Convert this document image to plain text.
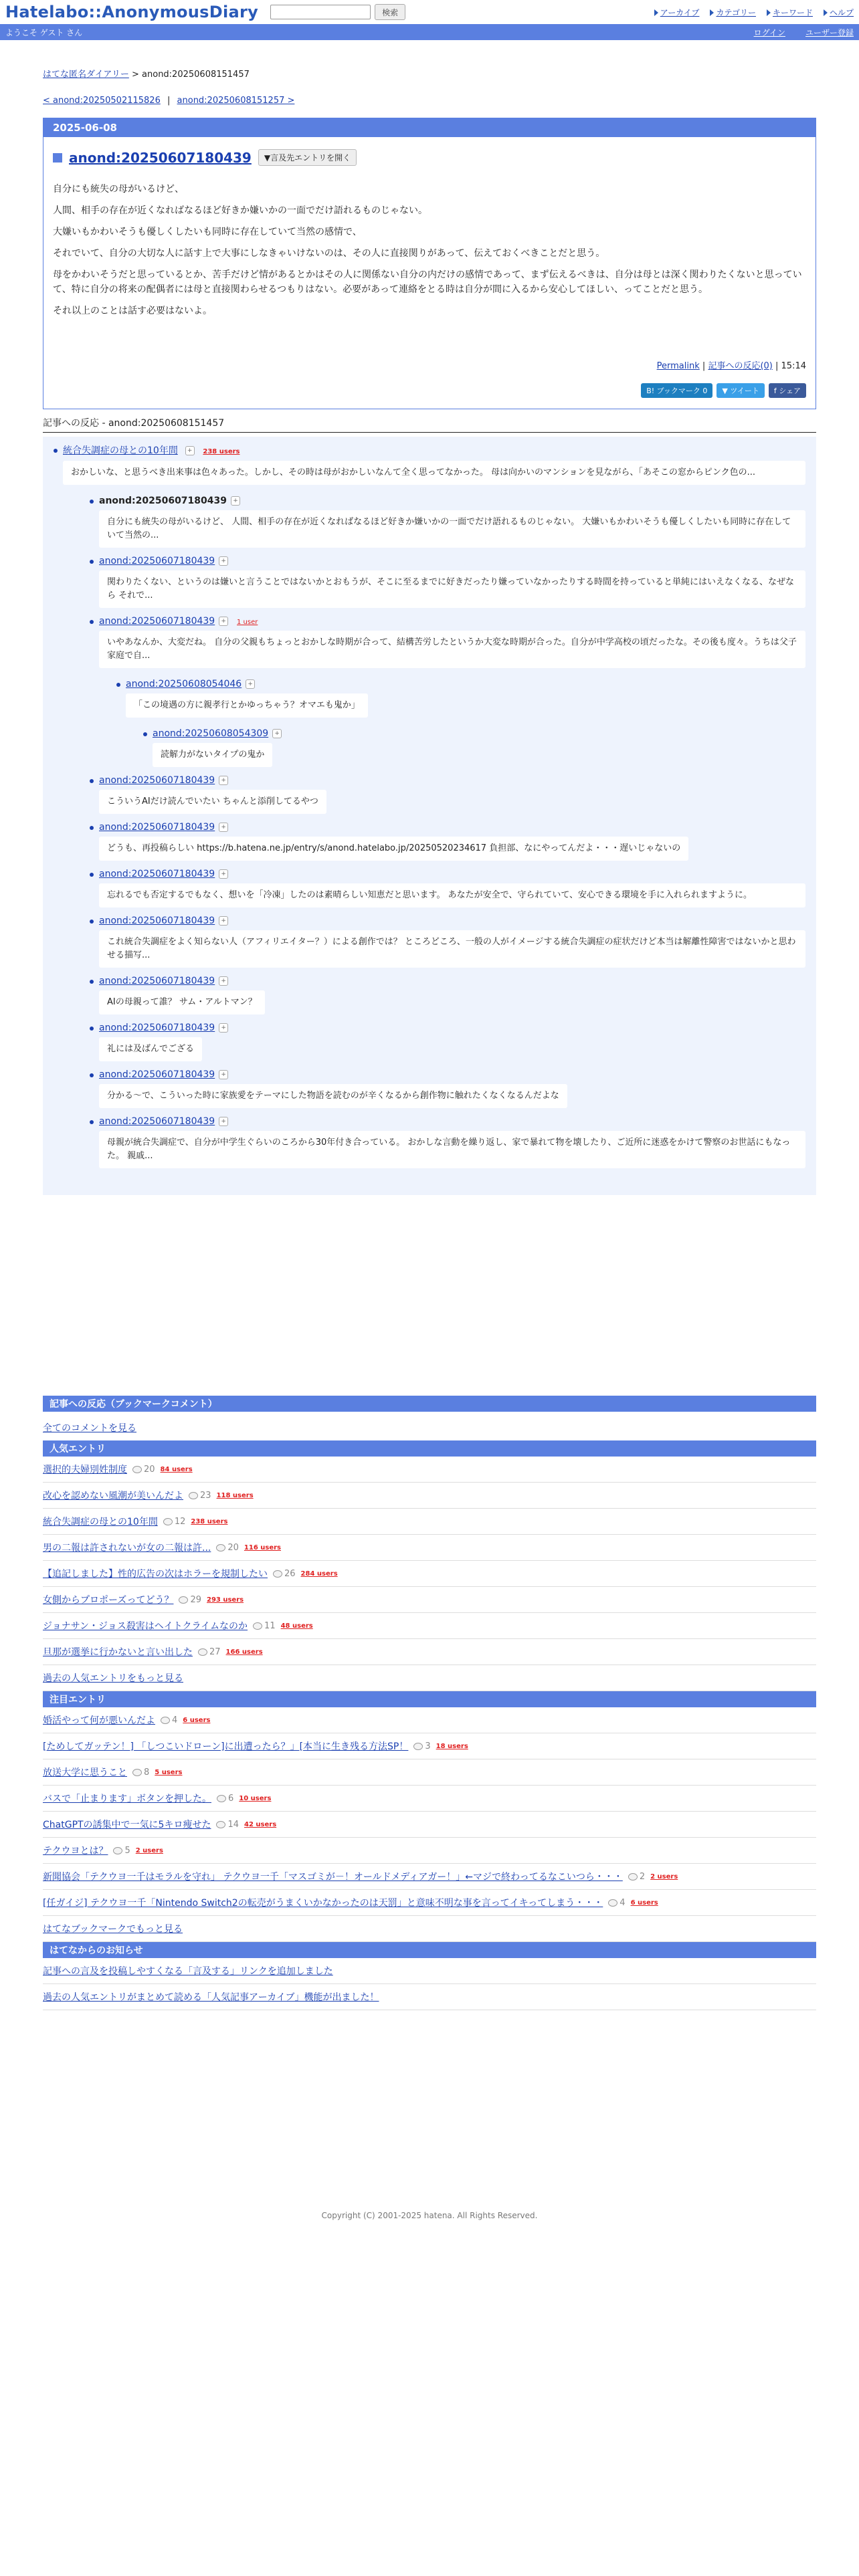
Hatelabo::AnonymousDiary	検索	アーカイブ	カテゴリー	キーワード	ヘルプ
ようこそ ゲスト さん	ログイン	ユーザー登録
はてな匿名ダイアリー > anond:20250608151457
< anond:20250502115826 | anond:20250608151257 >
2025-06-08
anond:20250607180439	▼言及先エントリを開く

自分にも統失の母がいるけど、

人間、相手の存在が近くなればなるほど好きか嫌いかの一面でだけ語れるものじゃない。

大嫌いもかわいそうも優しくしたいも同時に存在していて当然の感情で、

それでいて、自分の大切な人に話す上で大事にしなきゃいけないのは、その人に直接関りがあって、伝えておくべきことだと思う。

母をかわいそうだと思っているとか、苦手だけど情があるとかはその人に関係ない自分の内だけの感情であって、まず伝えるべきは、自分は母とは深く関わりたくないと思っていて、特に自分の将来の配偶者には母と直接関わらせるつもりはない。必要があって連絡をとる時は自分が間に入るから安心してほしい、ってことだと思う。

それ以上のことは話す必要はないよ。

Permalink | 記事への反応(0) | 15:14
B! ブックマーク 0	▼ ツイート	f シェア
記事への反応 - anond:20250608151457
統合失調症の母との10年間 + 238 users
おかしいな、と思うべき出来事は色々あった。しかし、その時は母がおかしいなんて全く思ってなかった。 母は向かいのマンションを見ながら、「あそこの窓からピンク色の...
anond:20250607180439 +
自分にも統失の母がいるけど、 人間、相手の存在が近くなればなるほど好きか嫌いかの一面でだけ語れるものじゃない。 大嫌いもかわいそうも優しくしたいも同時に存在していて当然の...
anond:20250607180439 +
関わりたくない、というのは嫌いと言うことではないかとおもうが、そこに至るまでに好きだったり嫌っていなかったりする時間を持っていると単純にはいえなくなる、なぜなら それで...
anond:20250607180439 + 1 user
いやあなんか、大変だね。 自分の父親もちょっとおかしな時期が合って、結構苦労したというか大変な時期が合った。自分が中学高校の頃だったな。その後も度々。うちは父子家庭で自...
anond:20250608054046 +
「この境遇の方に親孝行とかゆっちゃう？オマエも鬼か」
anond:20250608054309 +
読解力がないタイプの鬼か
anond:20250607180439 +
こういうAIだけ読んでいたい ちゃんと添削してるやつ
anond:20250607180439 +
どうも、再投稿らしい https://b.hatena.ne.jp/entry/s/anond.hatelabo.jp/20250520234617 負担部、なにやってんだよ・・・遅いじゃないの
anond:20250607180439 +
忘れるでも否定するでもなく、想いを「冷凍」したのは素晴らしい知恵だと思います。 あなたが安全で、守られていて、安心できる環境を手に入れられますように。
anond:20250607180439 +
これ統合失調症をよく知らない人（アフィリエイター？）による創作では？ ところどころ、一般の人がイメージする統合失調症の症状だけど本当は解離性障害ではないかと思わせる描写...
anond:20250607180439 +
AIの母親って誰？ サム・アルトマン？
anond:20250607180439 +
礼には及ばんでござる
anond:20250607180439 +
分かる〜で、こういった時に家族愛をテーマにした物語を読むのが辛くなるから創作物に触れたくなくなるんだよな
anond:20250607180439 +
母親が統合失調症で、自分が中学生ぐらいのころから30年付き合っている。 おかしな言動を繰り返し、家で暴れて物を壊したり、ご近所に迷惑をかけて警察のお世話にもなった。 親戚...
記事への反応（ブックマークコメント）
全てのコメントを見る
人気エントリ
選択的夫婦別姓制度 20 84 users
改心を認めない風潮が美いんだよ 23 118 users
統合失調症の母との10年間 12 238 users
男の二報は許されないが女の二報は許... 20 116 users
【追記しました】性的広告の次はホラーを規制したい 26 284 users
女側からプロポーズってどう？ 29 293 users
ジョナサン・ジョス殺害はヘイトクライムなのか 11 48 users
旦那が選挙に行かないと言い出した 27 166 users
過去の人気エントリをもっと見る
注目エントリ
婚活やって何が悪いんだよ 4 6 users
[ためしてガッテン！] 「しつこいドローン]に出遭ったら？」[本当に生き残る方法SP！ 3 18 users
放送大学に思うこと 8 5 users
バスで「止まります」ボタンを押した。 6 10 users
ChatGPTの誘集中で一気に5キロ痩せた 14 42 users
テクウヨとは？ 5 2 users
新聞協会「テクウヨ一千はモラルを守れ」 テクウヨ一千「マスゴミが－！オールドメディアガー！」←マジで終わってるなこいつら・・・ 2 2 users
[任ガイジ] テクウヨ一千「Nintendo Switch2の転売がうまくいかなかったのは天罰」と意味不明な事を言ってイキってしまう・・・ 4 6 users
はてなブックマークでもっと見る
はてなからのお知らせ
記事への言及を投稿しやすくなる「言及する」リンクを追加しました
過去の人気エントリがまとめて読める「人気記事アーカイブ」機能が出ました！
Copyright (C) 2001-2025 hatena. All Rights Reserved.
